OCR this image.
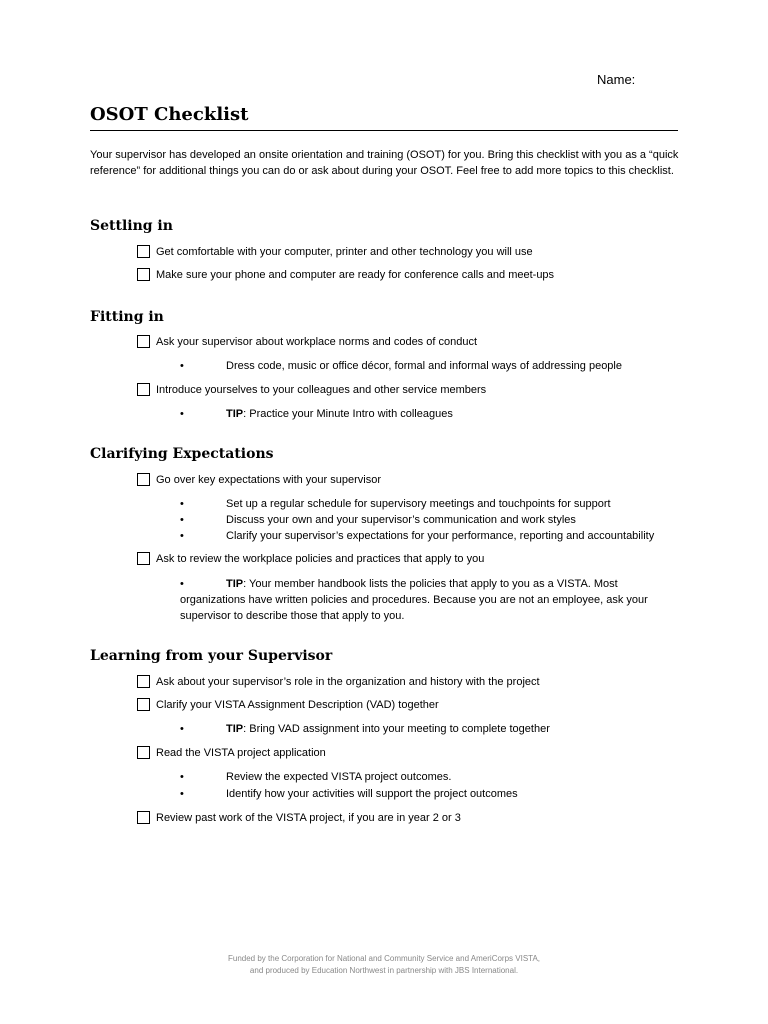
Name:
OSOT Checklist

Your supervisor has developed an onsite orientation and training (OSOT) for you. Bring this checklist with you as a “quick reference” for additional things you can do or ask about during your OSOT. Feel free to add more topics to this checklist.

Settling in
Get comfortable with your computer, printer and other technology you will use
Make sure your phone and computer are ready for conference calls and meet-ups
Fitting in
Ask your supervisor about workplace norms and codes of conduct
•	Dress code, music or office décor, formal and informal ways of addressing people
Introduce yourselves to your colleagues and other service members
•	TIP: Practice your Minute Intro with colleagues
Clarifying Expectations
Go over key expectations with your supervisor
•	Set up a regular schedule for supervisory meetings and touchpoints for support
•	Discuss your own and your supervisor’s communication and work styles
•	Clarify your supervisor’s expectations for your performance, reporting and accountability
Ask to review the workplace policies and practices that apply to you
•	TIP: Your member handbook lists the policies that apply to you as a VISTA. Most organizations have written policies and procedures. Because you are not an employee, ask your supervisor to describe those that apply to you.
Learning from your Supervisor
Ask about your supervisor’s role in the organization and history with the project
Clarify your VISTA Assignment Description (VAD) together
•	TIP: Bring VAD assignment into your meeting to complete together
Read the VISTA project application
•	Review the expected VISTA project outcomes.
•	Identify how your activities will support the project outcomes
Review past work of the VISTA project, if you are in year 2 or 3
Funded by the Corporation for National and Community Service and AmeriCorps VISTA,
and produced by Education Northwest in partnership with JBS International.
